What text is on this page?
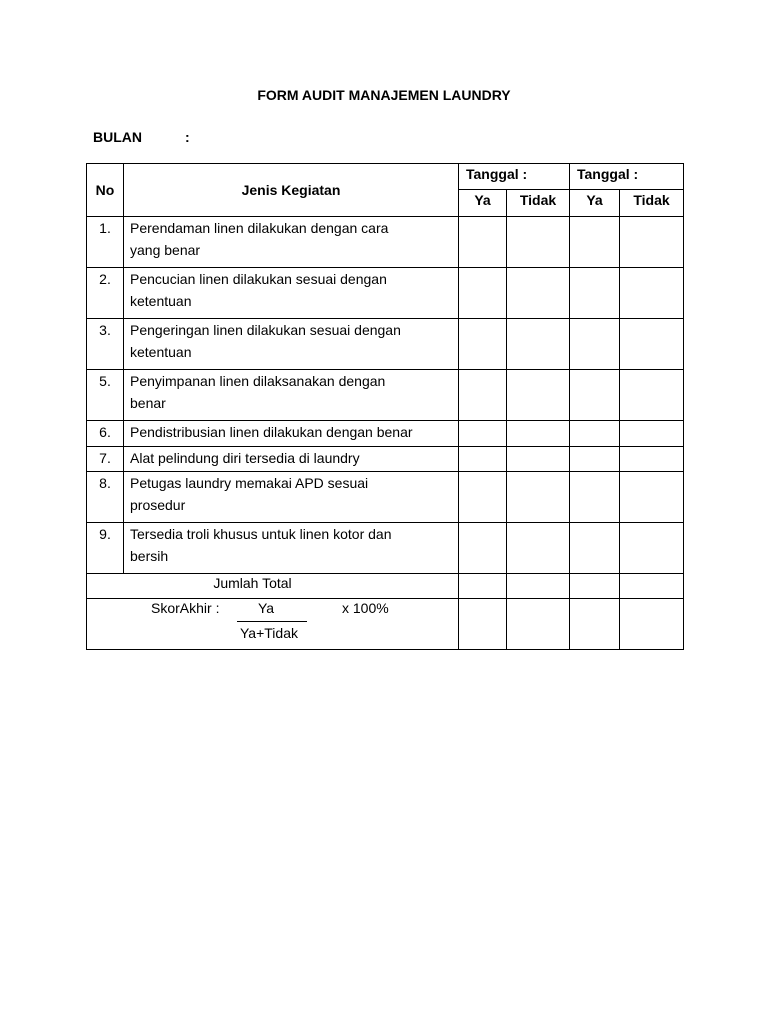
FORM AUDIT MANAJEMEN LAUNDRY
BULAN	:
No	Jenis Kegiatan	Tanggal :		Tanggal :	
		Ya	Tidak	Ya	Tidak
1.	Perendaman linen dilakukan dengan cara
yang benar				

2.	Pencucian linen dilakukan sesuai dengan
ketentuan				

3.	Pengeringan linen dilakukan sesuai dengan
ketentuan				

5.	Penyimpanan linen dilaksanakan dengan
benar				

6.	Pendistribusian linen dilakukan dengan benar				

7.	Alat pelindung diri tersedia di laundry				

8.	Petugas laundry memakai APD sesuai
prosedur				

9.	Tersedia troli khusus untuk linen kotor dan
bersih				

Jumlah Total					

SkorAkhir : Ya x 100%
Ya+Tidak					
